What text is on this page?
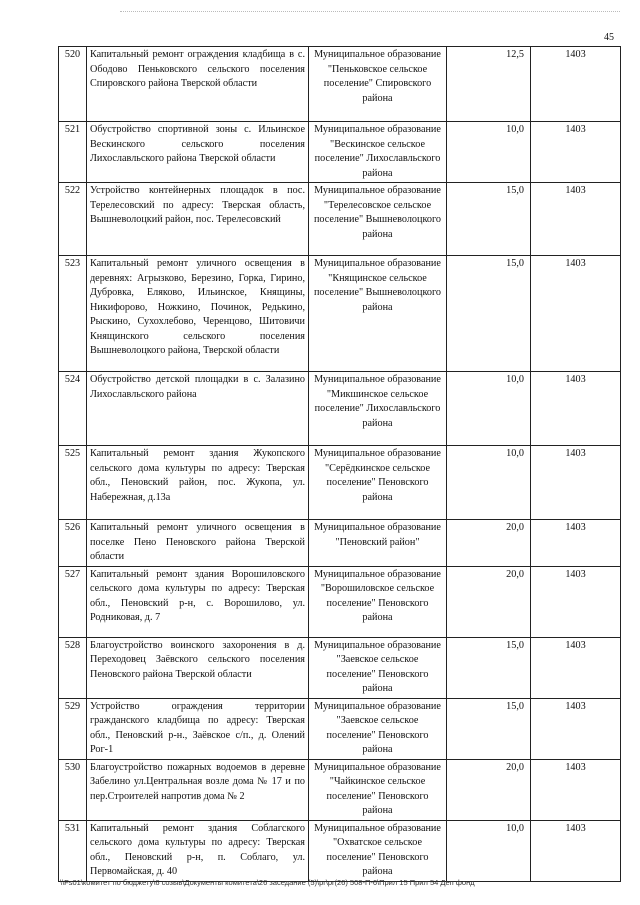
45
520	Капитальный ремонт ограждения кладбища в с. Ободово Пеньковского сельского поселения Спировского района Тверской области	Муниципальное образование "Пеньковское сельское поселение" Спировского района	12,5	1403
521	Обустройство спортивной зоны с. Ильинское Вескинского сельского поселения Лихославльского района Тверской области	Муниципальное образование "Вескинское сельское поселение" Лихославльского района	10,0	1403
522	Устройство контейнерных площадок в пос. Терелесовский по адресу: Тверская область, Вышневолоцкий район, пос. Терелесовский	Муниципальное образование "Терелесовское сельское поселение" Вышневолоцкого района	15,0	1403
523	Капитальный ремонт уличного освещения в деревнях: Агрызково, Березино, Горка, Гирино, Дубровка, Еляково, Ильинское, Княщины, Никифорово, Ножкино, Починок, Редькино, Рыскино, Сухохлебово, Черенцово, Шитовичи Княщинского сельского поселения Вышневолоцкого района, Тверской области	Муниципальное образование "Княщинское сельское поселение" Вышневолоцкого района	15,0	1403
524	Обустройство детской площадки в с. Залазино Лихославльского района	Муниципальное образование "Микшинское сельское поселение" Лихославльского района	10,0	1403
525	Капитальный ремонт здания Жукопского сельского дома культуры по адресу: Тверская обл., Пеновский район, пос. Жукопа, ул. Набережная, д.13а	Муниципальное образование "Серёдкинское сельское поселение" Пеновского района	10,0	1403
526	Капитальный ремонт уличного освещения в поселке Пено Пеновского района Тверской области	Муниципальное образование "Пеновский район"	20,0	1403
527	Капитальный ремонт здания Ворошиловского сельского дома культуры по адресу: Тверская обл., Пеновский р-н, с. Ворошилово, ул. Родниковая, д. 7	Муниципальное образование "Ворошиловское сельское поселение" Пеновского района	20,0	1403
528	Благоустройство воинского захоронения в д. Переходовец Заёвского сельского поселения Пеновского района Тверской области	Муниципальное образование "Заевское сельское поселение" Пеновского района	15,0	1403
529	Устройство ограждения территории гражданского кладбища по адресу: Тверская обл., Пеновский р-н., Заёвское с/п., д. Олений Рог-1	Муниципальное образование "Заевское сельское поселение" Пеновского района	15,0	1403
530	Благоустройство пожарных водоемов в деревне Забелино ул.Центральная возле дома № 17 и по пер.Строителей напротив дома № 2	Муниципальное образование "Чайкинское сельское поселение" Пеновского района	20,0	1403
531	Капитальный ремонт здания Соблагского сельского дома культуры по адресу: Тверская обл., Пеновский р-н, п. Соблаго, ул. Первомайская, д. 40	Муниципальное образование "Охватское сельское поселение" Пеновского района	10,0	1403
\\Fs01\комитет по бюджету\6 созыв\Документы комитета\26 заседание (5)\pr\pr(26) 508-П-6\Прил 15 Прил 54 Деп фонд
